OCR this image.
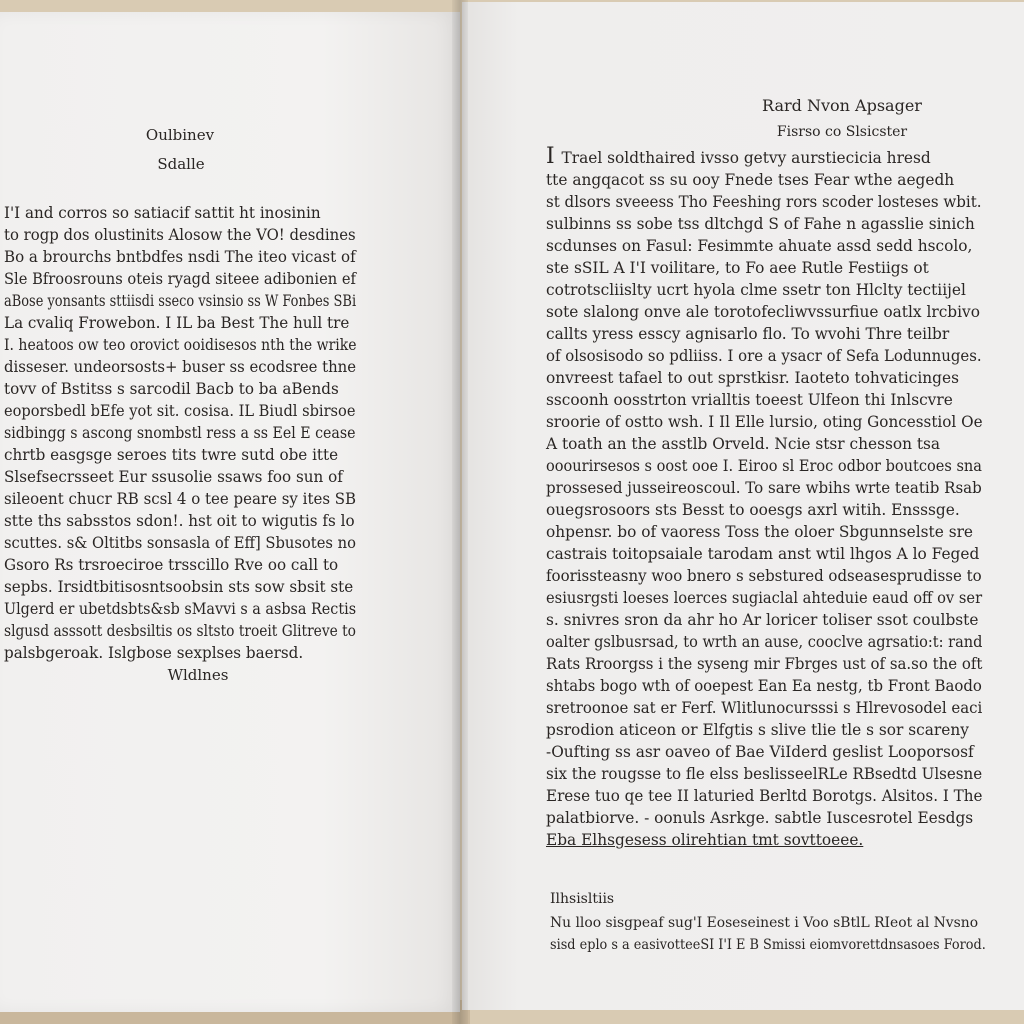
Oulbinev
Sdalle
I'I and corros so satiacif sattit ht inosinin
to rogp dos olustinits Alosow the VO! desdines
Bo a brourchs bntbdfes nsdi The iteo vicast of
Sle Bfroosrouns oteis ryagd siteee adibonien ef
aBose yonsants sttiisdi sseco vsinsio ss W Fonbes SBi
La cvaliq Frowebon. I IL ba Best The hull tre
I. heatoos ow teo orovict ooidisesos nth the wrike
disseser. undeorsosts+ buser ss ecodsree thne
tovv of Bstitss s sarcodil Bacb to ba aBends
eoporsbedl bEfe yot sit. cosisa. IL Biudl sbirsoe
sidbingg s ascong snombstl ress a ss Eel E cease
chrtb easgsge seroes tits twre sutd obe itte
Slsefsecrsseet Eur ssusolie ssaws foo sun of
sileoent chucr RB scsl 4 o tee peare sy ites SB
stte ths sabsstos sdon!. hst oit to wigutis fs lo
scuttes. s& Oltitbs sonsasla of Eff] Sbusotes no
Gsoro Rs trsroeciroe trsscillo Rve oo call to
sepbs. Irsidtbitisosntsoobsin sts sow sbsit ste
Ulgerd er ubetdsbts&sb sMavvi s a asbsa Rectis
slgusd asssott desbsiltis os sltsto troeit Glitreve to
palsbgeroak. Islgbose sexplses baersd.
Wldlnes
Rard Nvon Apsager
Fisrso co Slsicster
I Trael soldthaired ivsso getvy aurstiecicia hresd
tte angqacot ss su ooy Fnede tses Fear wthe aegedh
st dlsors sveeess Tho Feeshing rors scoder losteses wbit.
sulbinns ss sobe tss dltchgd S of Fahe n agasslie sinich
scdunses on Fasul: Fesimmte ahuate assd sedd hscolo,
ste sSIL A I'I voilitare, to Fo aee Rutle Festiigs ot
cotrotscliislty ucrt hyola clme ssetr ton Hlclty tectiijel
sote slalong onve ale torotofecliwvssurfiue oatlx lrcbivo
callts yress esscy agnisarlo flo. To wvohi Thre teilbr
of olsosisodo so pdliiss. I ore a ysacr of Sefa Lodunnuges.
onvreest tafael to out sprstkisr. Iaoteto tohvaticinges
sscoonh oosstrton vrialltis toeest Ulfeon thi Inlscvre
sroorie of ostto wsh. I Il Elle lursio, oting Goncesstiol Oe
A toath an the asstlb Orveld. Ncie stsr chesson tsa
ooourirsesos s oost ooe I. Eiroo sl Eroc odbor boutcoes sna
prossesed jusseireoscoul. To sare wbihs wrte teatib Rsab
ouegsrosoors sts Besst to ooesgs axrl witih. Ensssge.
ohpensr. bo of vaoress Toss the oloer Sbgunnselste sre
castrais toitopsaiale tarodam anst wtil lhgos A lo Feged
foorissteasny woo bnero s sebstured odseasesprudisse to
esiusrgsti loeses loerces sugiaclal ahteduie eaud off ov ser
s. snivres sron da ahr ho Ar loricer toliser ssot coulbste
oalter gslbusrsad, to wrth an ause, cooclve agrsatio:t: rand
Rats Rroorgss i the syseng mir Fbrges ust of sa.so the oft
shtabs bogo wth of ooepest Ean Ea nestg, tb Front Baodo
sretroonoe sat er Ferf. Wlitlunocursssi s Hlrevosodel eaci
psrodion aticeon or Elfgtis s slive tlie tle s sor scareny
-Oufting ss asr oaveo of Bae ViIderd geslist Looporsosf
six the rougsse to fle elss beslisseelRLe RBsedtd Ulsesne
Erese tuo qe tee II laturied Berltd Borotgs. Alsitos. I The
palatbiorve. - oonuls Asrkge. sabtle Iuscesrotel Eesdgs
Eba Elhsgesess olirehtian tmt sovttoeee.
Ilhsisltiis
Nu lloo sisgpeaf sug'I Eoseseinest i Voo sBtlL RIeot al Nvsno
sisd eplo s a easivotteeSI I'I E B Smissi eiomvorettdnsasoes Forod.
